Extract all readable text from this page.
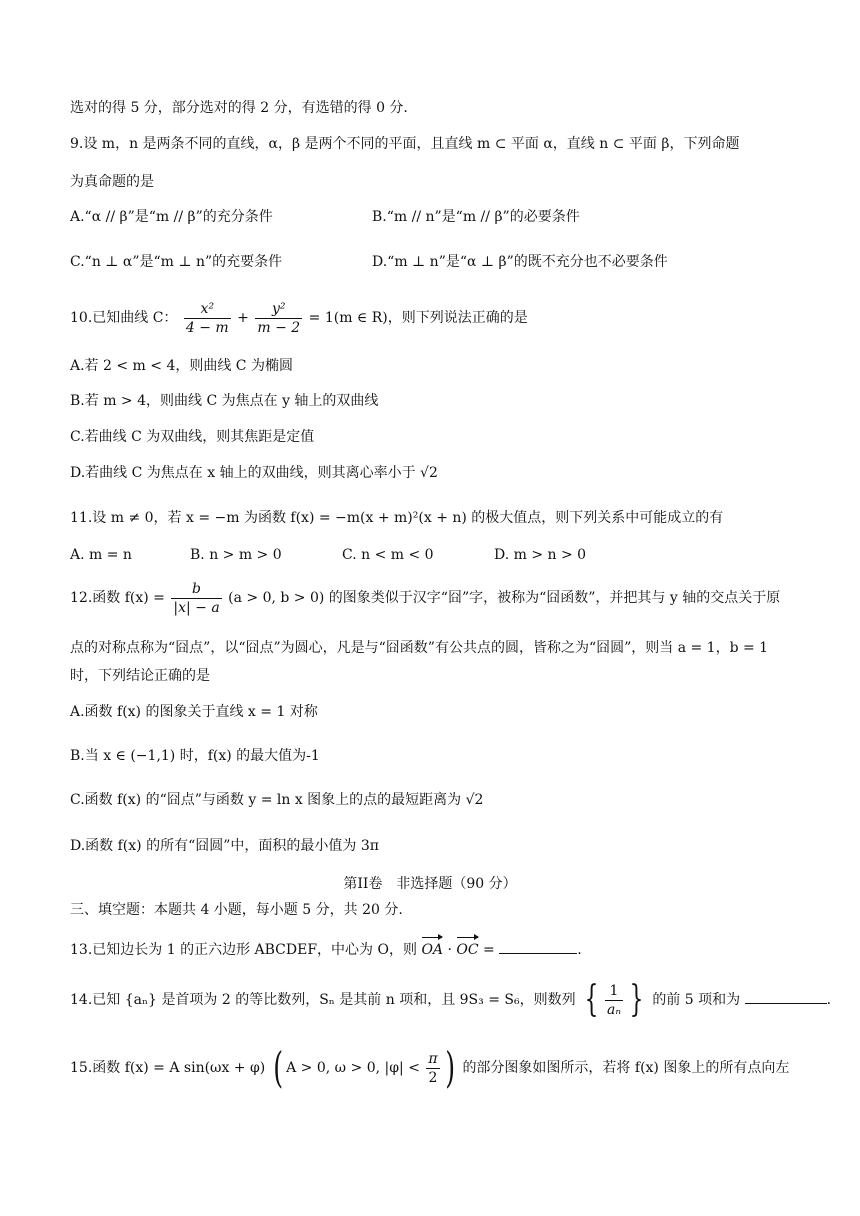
选对的得 5 分，部分选对的得 2 分，有选错的得 0 分.
9.设 m，n 是两条不同的直线，α，β 是两个不同的平面，且直线 m ⊂ 平面 α，直线 n ⊂ 平面 β，下列命题
为真命题的是
A.“α // β”是“m // β”的充分条件	B.“m // n”是“m // β”的必要条件
C.“n ⊥ α”是“m ⊥ n”的充要条件	D.“m ⊥ n”是“α ⊥ β”的既不充分也不必要条件
10.已知曲线 C： $\frac{\text{x²}}{4 - m} + \frac{\text{y²}}{m - 2} = 1(m$ ∈ R)，则下列说法正确的是
A.若 2 < m < 4，则曲线 C 为椭圆
B.若 m > 4，则曲线 C 为焦点在 y 轴上的双曲线
C.若曲线 C 为双曲线，则其焦距是定值
D.若曲线 C 为焦点在 x 轴上的双曲线，则其离心率小于 √2
11.设 m ≠ 0，若 x = −m 为函数 f(x) = −m(x + m)²(x + n) 的极大值点，则下列关系中可能成立的有
A. m = n	B. n > m > 0	C. n < m < 0	D. m > n > 0
12.函数 $f(x) = \frac{b}{|x| - a} (a > 0$, b > 0) 的图象类似于汉字“囧”字，被称为“囧函数”，并把其与 y 轴的交点关于原
点的对称点称为“囧点”，以“囧点”为圆心，凡是与“囧函数”有公共点的圆，皆称之为“囧圆”，则当 a = 1，b = 1
时，下列结论正确的是
A.函数 f(x) 的图象关于直线 x = 1 对称
B.当 x ∈ (−1,1) 时，f(x) 的最大值为-1
C.函数 f(x) 的“囧点”与函数 y = ln x 图象上的点的最短距离为 √2
D.函数 f(x) 的所有“囧圆”中，面积的最小值为 3π
第II卷　非选择题（90 分）
三、填空题：本题共 4 小题，每小题 5 分，共 20 分.
13.已知边长为 1 的正六边形 ABCDEF，中心为 O，则 OA · OC =	.
14.已知 {aₙ} 是首项为 2 的等比数列，Sₙ 是其前 n 项和，且 9S₃ = S₆，则数列 { $\frac{1}{\text{aₙ}}$ } 的前 5 项和为	.
15.函数 f(x) = A sin(ωx + φ) ( A > 0, ω > 0, $|\varphi| < \frac{\pi}{2}$ ) 的部分图象如图所示，若将 f(x) 图象上的所有点向左
